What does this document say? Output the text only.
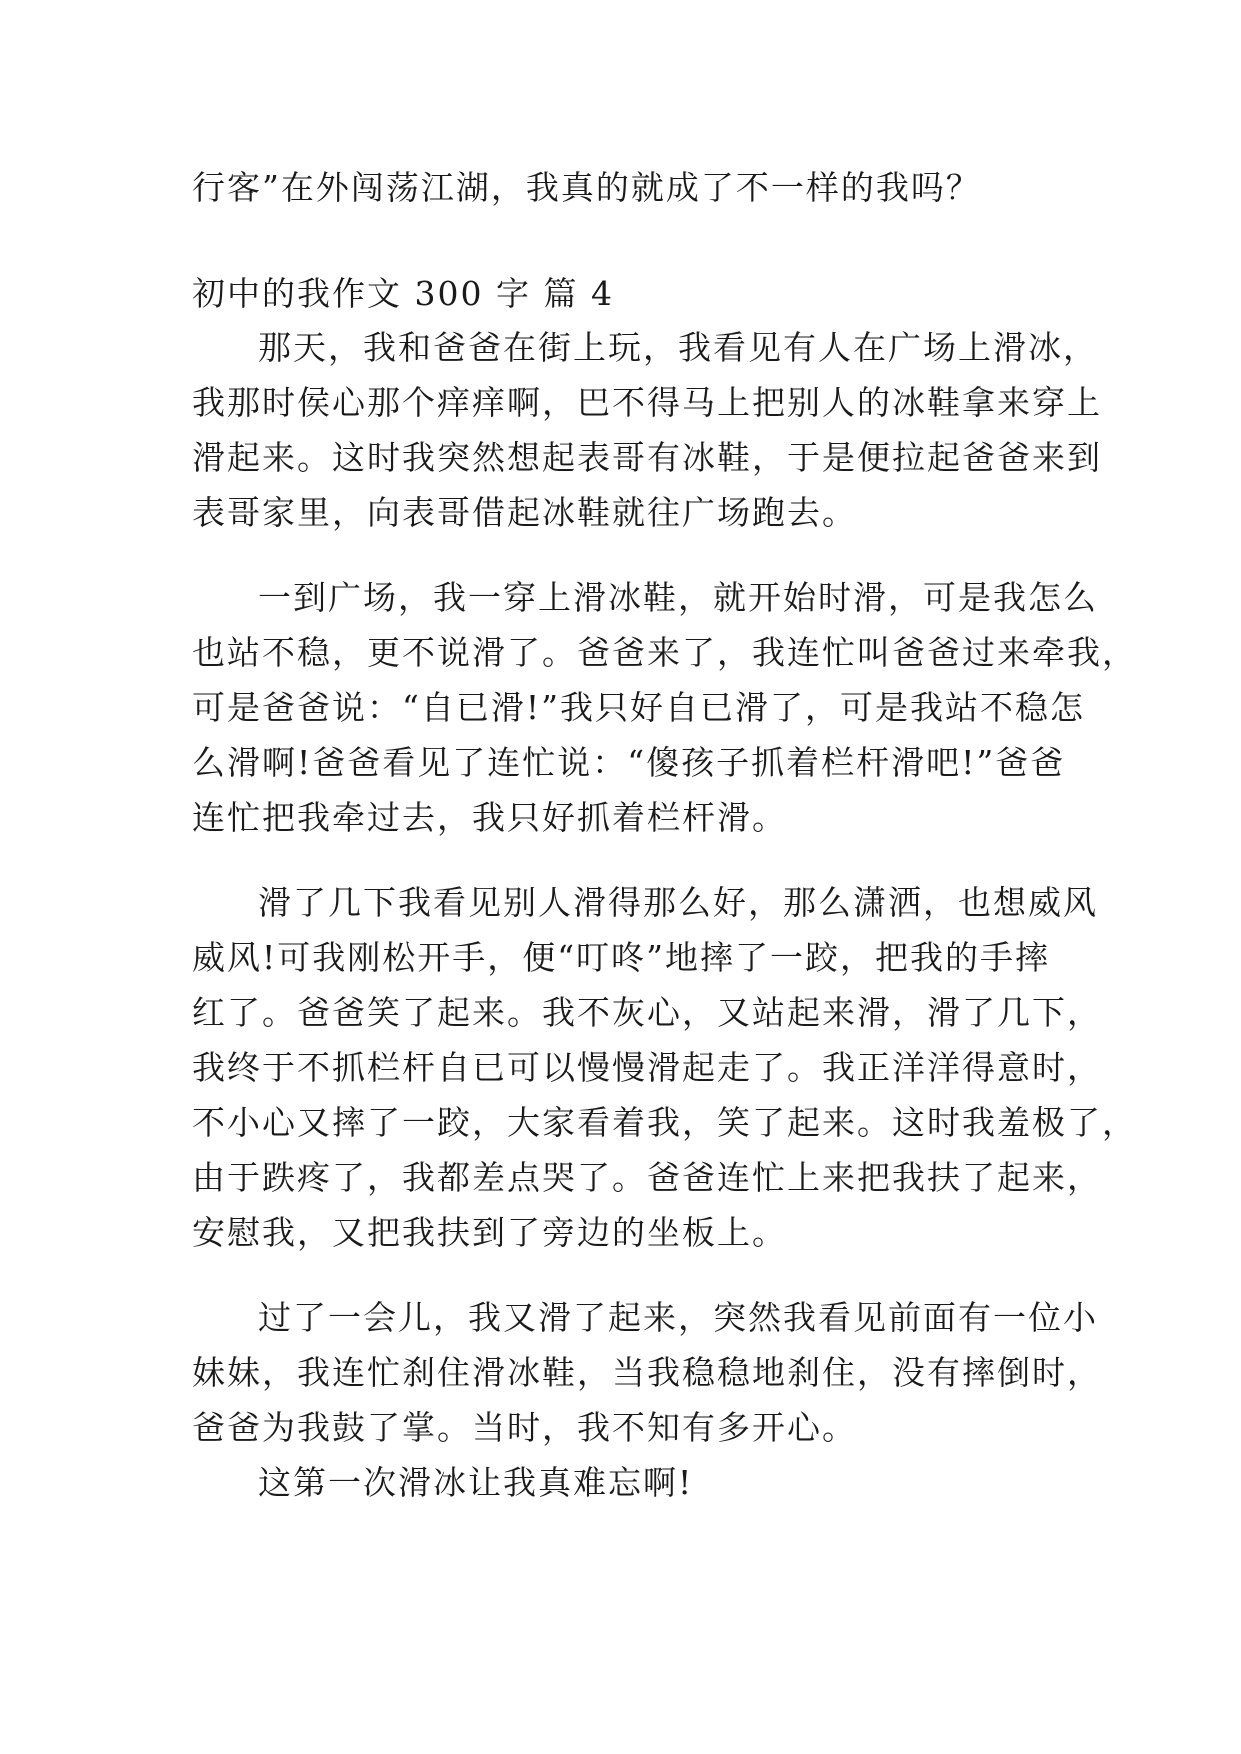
行客”在外闯荡江湖，我真的就成了不一样的我吗？
初中的我作文 300 字 篇 4
那天，我和爸爸在街上玩，我看见有人在广场上滑冰，
我那时侯心那个痒痒啊，巴不得马上把别人的冰鞋拿来穿上
滑起来。这时我突然想起表哥有冰鞋，于是便拉起爸爸来到
表哥家里，向表哥借起冰鞋就往广场跑去。
一到广场，我一穿上滑冰鞋，就开始时滑，可是我怎么
也站不稳，更不说滑了。爸爸来了，我连忙叫爸爸过来牵我，
可是爸爸说：“自已滑!”我只好自已滑了，可是我站不稳怎
么滑啊!爸爸看见了连忙说：“傻孩子抓着栏杆滑吧!”爸爸
连忙把我牵过去，我只好抓着栏杆滑。
滑了几下我看见别人滑得那么好，那么潇洒，也想威风
威风!可我刚松开手，便“叮咚”地摔了一跤，把我的手摔
红了。爸爸笑了起来。我不灰心，又站起来滑，滑了几下，
我终于不抓栏杆自已可以慢慢滑起走了。我正洋洋得意时，
不小心又摔了一跤，大家看着我，笑了起来。这时我羞极了，
由于跌疼了，我都差点哭了。爸爸连忙上来把我扶了起来，
安慰我，又把我扶到了旁边的坐板上。
过了一会儿，我又滑了起来，突然我看见前面有一位小
妹妹，我连忙刹住滑冰鞋，当我稳稳地刹住，没有摔倒时，
爸爸为我鼓了掌。当时，我不知有多开心。
这第一次滑冰让我真难忘啊!
